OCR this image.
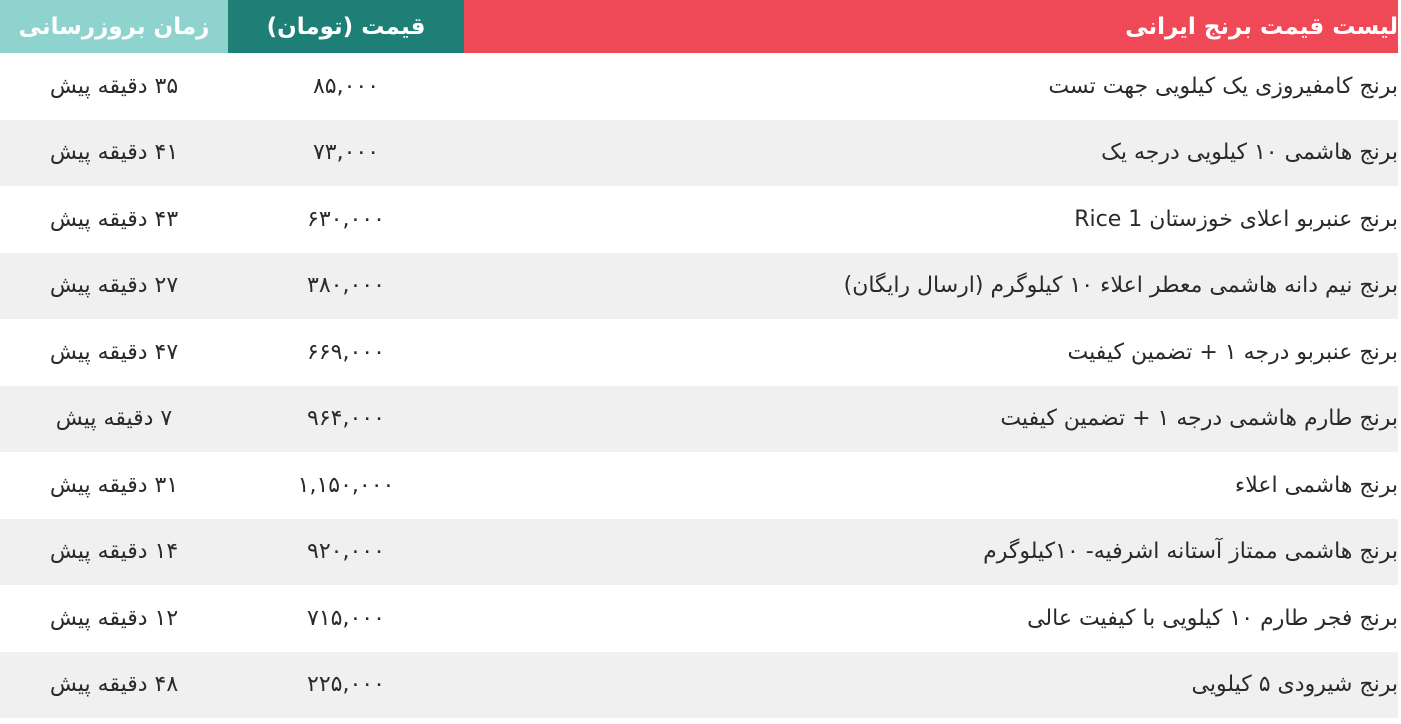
زمان بروزرسانی	قیمت (تومان)	لیست قیمت برنج ایرانی
۳۵ دقیقه پیش	۸۵,۰۰۰	برنج کامفیروزی یک کیلویی جهت تست
۴۱ دقیقه پیش	۷۳,۰۰۰	برنج هاشمی ۱۰ کیلویی درجه یک
۴۳ دقیقه پیش	۶۳۰,۰۰۰	برنج عنبربو اعلای خوزستان Rice 1
۲۷ دقیقه پیش	۳۸۰,۰۰۰	برنج نیم دانه هاشمی معطر اعلاء ۱۰ کیلوگرم (ارسال رایگان)
۴۷ دقیقه پیش	۶۶۹,۰۰۰	برنج عنبربو درجه ۱ + تضمین کیفیت
۷ دقیقه پیش	۹۶۴,۰۰۰	برنج طارم هاشمی درجه ۱ + تضمین کیفیت
۳۱ دقیقه پیش	۱,۱۵۰,۰۰۰	برنج هاشمی اعلاء
۱۴ دقیقه پیش	۹۲۰,۰۰۰	برنج هاشمی ممتاز آستانه اشرفیه- ۱۰کیلوگرم
۱۲ دقیقه پیش	۷۱۵,۰۰۰	برنج فجر طارم ۱۰ کیلویی با کیفیت عالی
۴۸ دقیقه پیش	۲۲۵,۰۰۰	برنج شیرودی ۵ کیلویی
